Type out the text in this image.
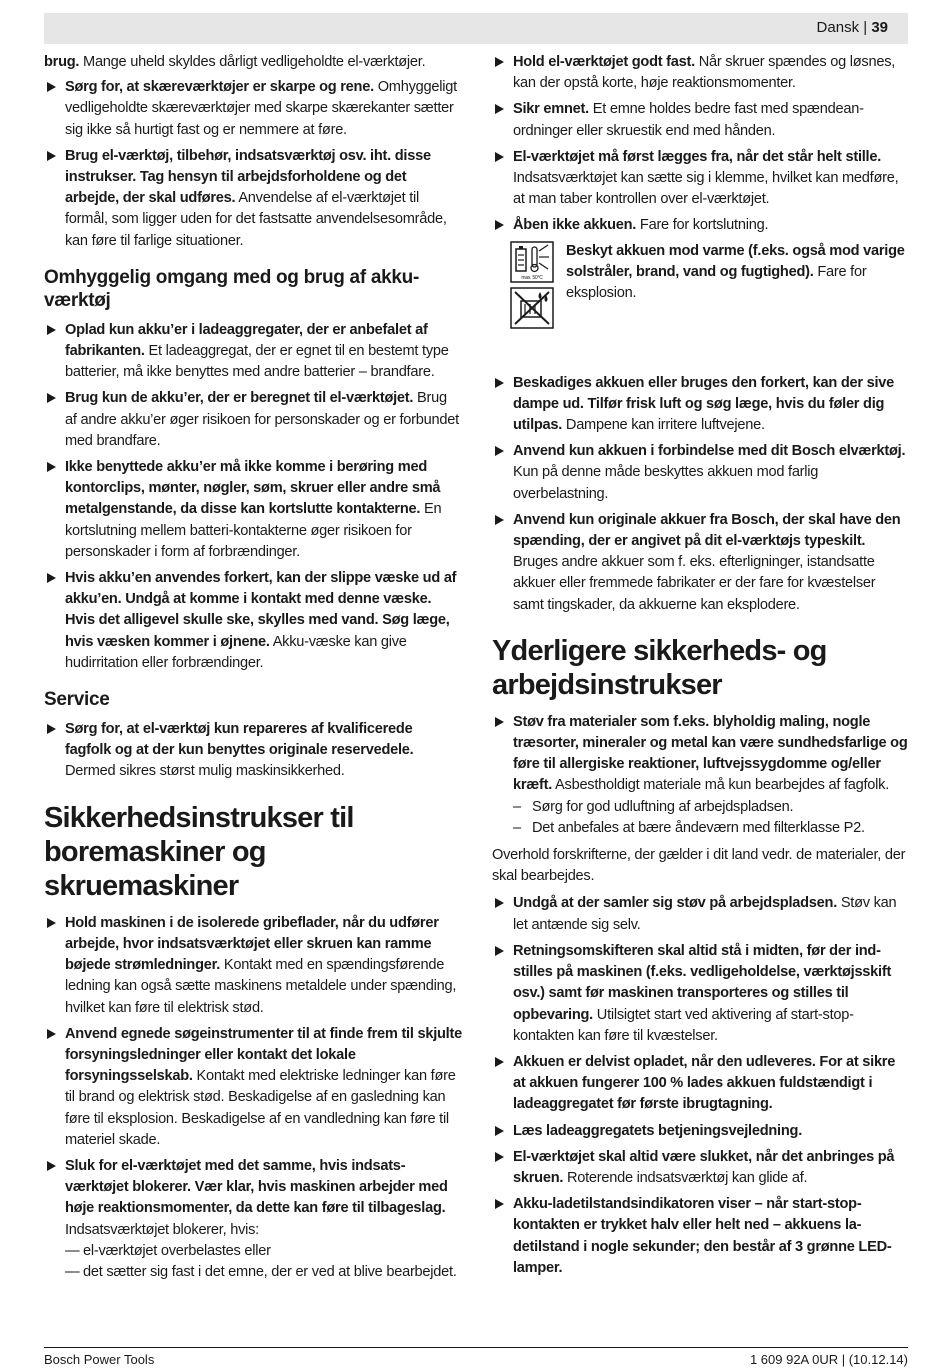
Dansk | 39

brug. Mange uheld skyldes dårligt vedligeholdte el-værktøjer.

Sørg for, at skæreværktøjer er skarpe og rene. Omhyggeligt vedligeholdte skæreværktøjer med skarpe skærekanter sætter sig ikke så hurtigt fast og er nemmere at føre.
Brug el-værktøj, tilbehør, indsatsværktøj osv. iht. disse instrukser. Tag hensyn til arbejdsforholdene og det arbejde, der skal udføres. Anvendelse af el-værktøjet til formål, som ligger uden for det fastsatte anvendelsesområde, kan føre til farlige situationer.
Omhyggelig omgang med og brug af akku-værktøj
Oplad kun akku’er i ladeaggregater, der er anbefalet af fabrikanten. Et ladeaggregat, der er egnet til en bestemt type batterier, må ikke benyttes med andre batterier – brandfare.
Brug kun de akku’er, der er beregnet til el-værktøjet. Brug af andre akku’er øger risikoen for personskader og er forbundet med brandfare.
Ikke benyttede akku’er må ikke komme i berøring med kontorclips, mønter, nøgler, søm, skruer eller andre små metalgenstande, da disse kan kortslutte kontakterne. En kortslutning mellem batteri-kontakterne øger risikoen for personskader i form af forbrændinger.
Hvis akku’en anvendes forkert, kan der slippe væske ud af akku’en. Undgå at komme i kontakt med denne væske. Hvis det alligevel skulle ske, skylles med vand. Søg læge, hvis væsken kommer i øjnene. Akku-væske kan give hudirritation eller forbrændinger.
Service
Sørg for, at el-værktøj kun repareres af kvalificerede fagfolk og at der kun benyttes originale reservedele. Dermed sikres størst mulig maskinsikkerhed.
Sikkerhedsinstrukser til boremaskiner og skruemaskiner
Hold maskinen i de isolerede gribeflader, når du udfører arbejde, hvor indsatsværktøjet eller skruen kan ramme bøjede strømledninger. Kontakt med en spændingsførende ledning kan også sætte maskinens metaldele under spænding, hvilket kan føre til elektrisk stød.
Anvend egnede søgeinstrumenter til at finde frem til skjulte forsyningsledninger eller kontakt det lokale forsyningsselskab. Kontakt med elektriske ledninger kan føre til brand og elektrisk stød. Beskadigelse af en gasledning kan føre til eksplosion. Beskadigelse af en vandledning kan føre til materiel skade.
Sluk for el-værktøjet med det samme, hvis indsatsværktøjet blokerer. Vær klar, hvis maskinen arbejder med høje reaktionsmomenter, da dette kan føre til tilbageslag. Indsatsværktøjet blokerer, hvis:
— el-værktøjet overbelastes eller
— det sætter sig fast i det emne, der er ved at blive bearbejdet.
Hold el-værktøjet godt fast. Når skruer spændes og løsnes, kan der opstå korte, høje reaktionsmomenter.
Sikr emnet. Et emne holdes bedre fast med spændeanordninger eller skruestik end med hånden.
El-værktøjet må først lægges fra, når det står helt stille. Indsatsværktøjet kan sætte sig i klemme, hvilket kan medføre, at man taber kontrollen over el-værktøjet.
Åben ikke akkuen. Fare for kortslutning.
max. 50°C
Beskyt akkuen mod varme (f.eks. også mod varige solstråler, brand, vand og fugtighed). Fare for eksplosion.
Beskadiges akkuen eller bruges den forkert, kan der sive dampe ud. Tilfør frisk luft og søg læge, hvis du føler dig utilpas. Dampene kan irritere luftvejene.
Anvend kun akkuen i forbindelse med dit Bosch elværktøj. Kun på denne måde beskyttes akkuen mod farlig overbelastning.
Anvend kun originale akkuer fra Bosch, der skal have den spænding, der er angivet på dit el-værktøjs typeskilt. Bruges andre akkuer som f. eks. efterligninger, istandsatte akkuer eller fremmede fabrikater er der fare for kvæstelser samt tingskader, da akkuerne kan eksplodere.
Yderligere sikkerheds- og arbejdsinstrukser
Støv fra materialer som f.eks. blyholdig maling, nogle træsorter, mineraler og metal kan være sundhedsfarlige og føre til allergiske reaktioner, luftvejssygdomme og/eller kræft. Asbestholdigt materiale må kun bearbejdes af fagfolk.
– Sørg for god udluftning af arbejdspladsen.
– Det anbefales at bære åndeværn med filterklasse P2.

Overhold forskrifterne, der gælder i dit land vedr. de materialer, der skal bearbejdes.

Undgå at der samler sig støv på arbejdspladsen. Støv kan let antænde sig selv.
Retningsomskifteren skal altid stå i midten, før der indstilles på maskinen (f.eks. vedligeholdelse, værktøjsskift osv.) samt før maskinen transporteres og stilles til opbevaring. Utilsigtet start ved aktivering af start-stopkontakten kan føre til kvæstelser.
Akkuen er delvist opladet, når den udleveres. For at sikre at akkuen fungerer 100 % lades akkuen fuldstændigt i ladeaggregatet før første ibrugtagning.
Læs ladeaggregatets betjeningsvejledning.
El-værktøjet skal altid være slukket, når det anbringes på skruen. Roterende indsatsværktøj kan glide af.
Akku-ladetilstandsindikatoren viser – når start-stopkontakten er trykket halv eller helt ned – akkuens ladetilstand i nogle sekunder; den består af 3 grønne LED-lamper.
Bosch Power Tools	1 609 92A 0UR | (10.12.14)
